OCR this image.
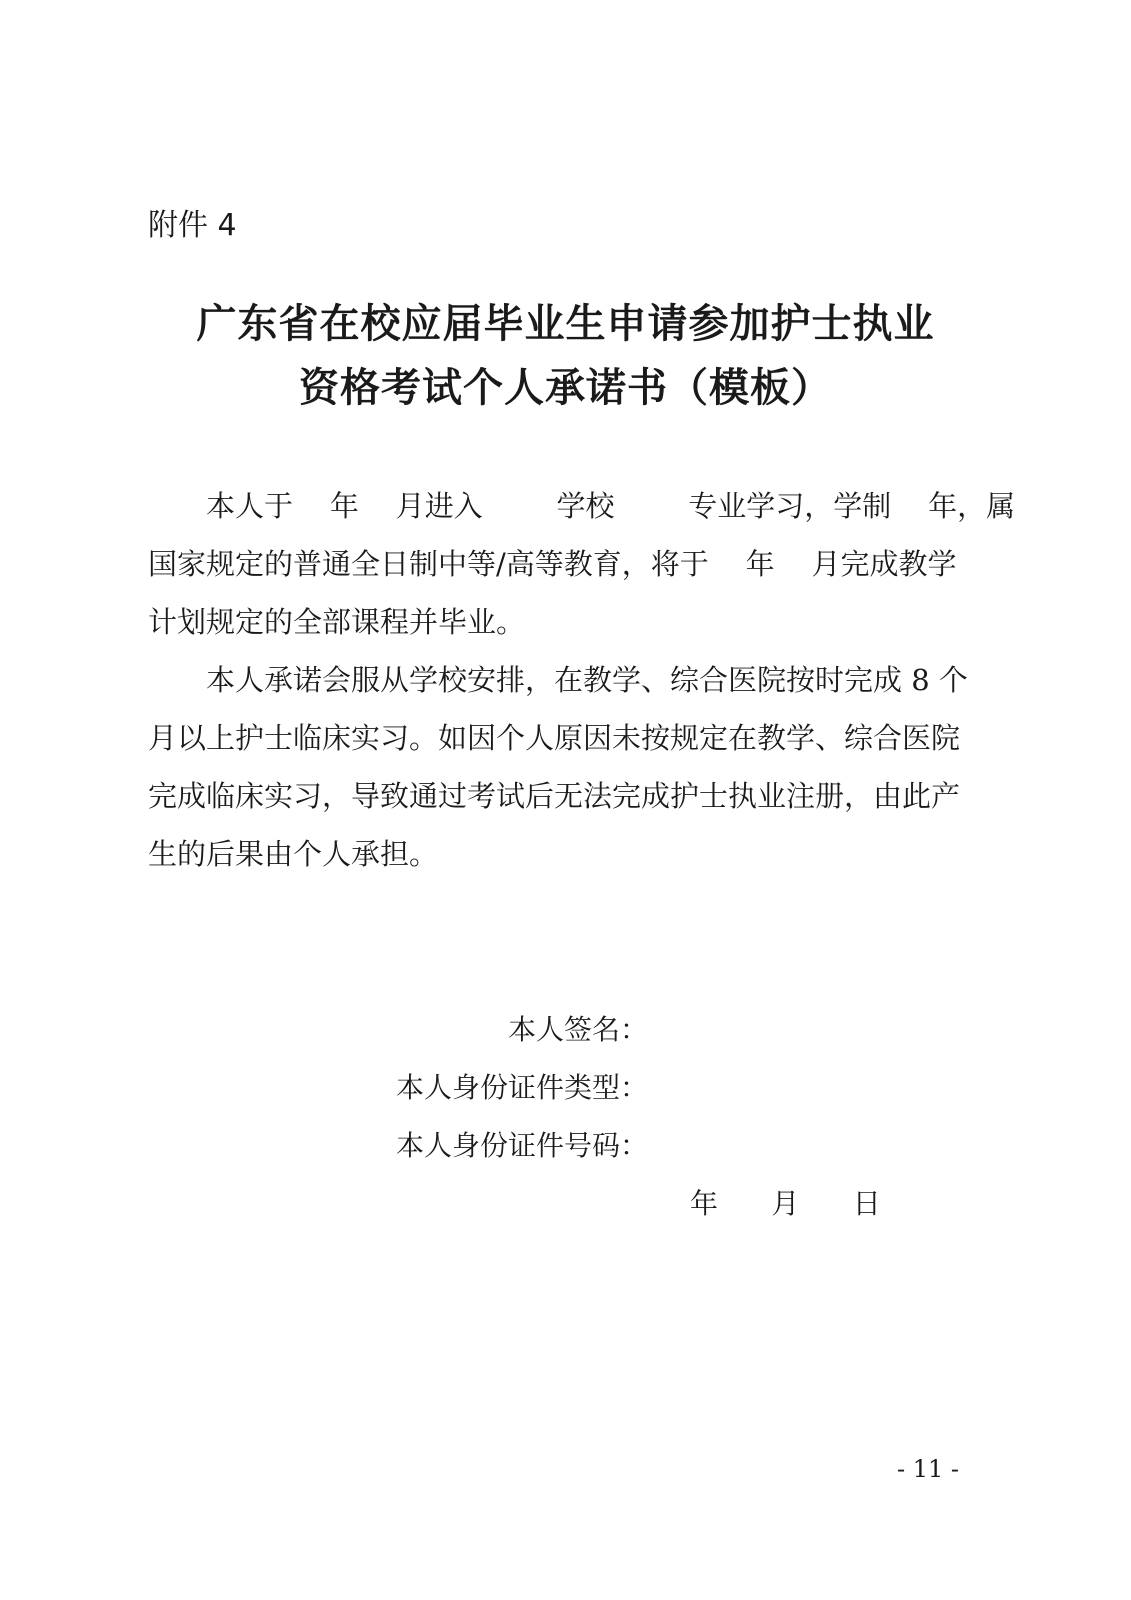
附件 4
广东省在校应届毕业生申请参加护士执业
资格考试个人承诺书（模板）
本人于    年    月进入        学校        专业学习，学制    年，属
国家规定的普通全日制中等/高等教育，将于    年    月完成教学
计划规定的全部课程并毕业。
本人承诺会服从学校安排，在教学、综合医院按时完成 8 个
月以上护士临床实习。如因个人原因未按规定在教学、综合医院
完成临床实习，导致通过考试后无法完成护士执业注册，由此产
生的后果由个人承担。
本人签名：
本人身份证件类型：
本人身份证件号码：
年      月      日
- 11 -
